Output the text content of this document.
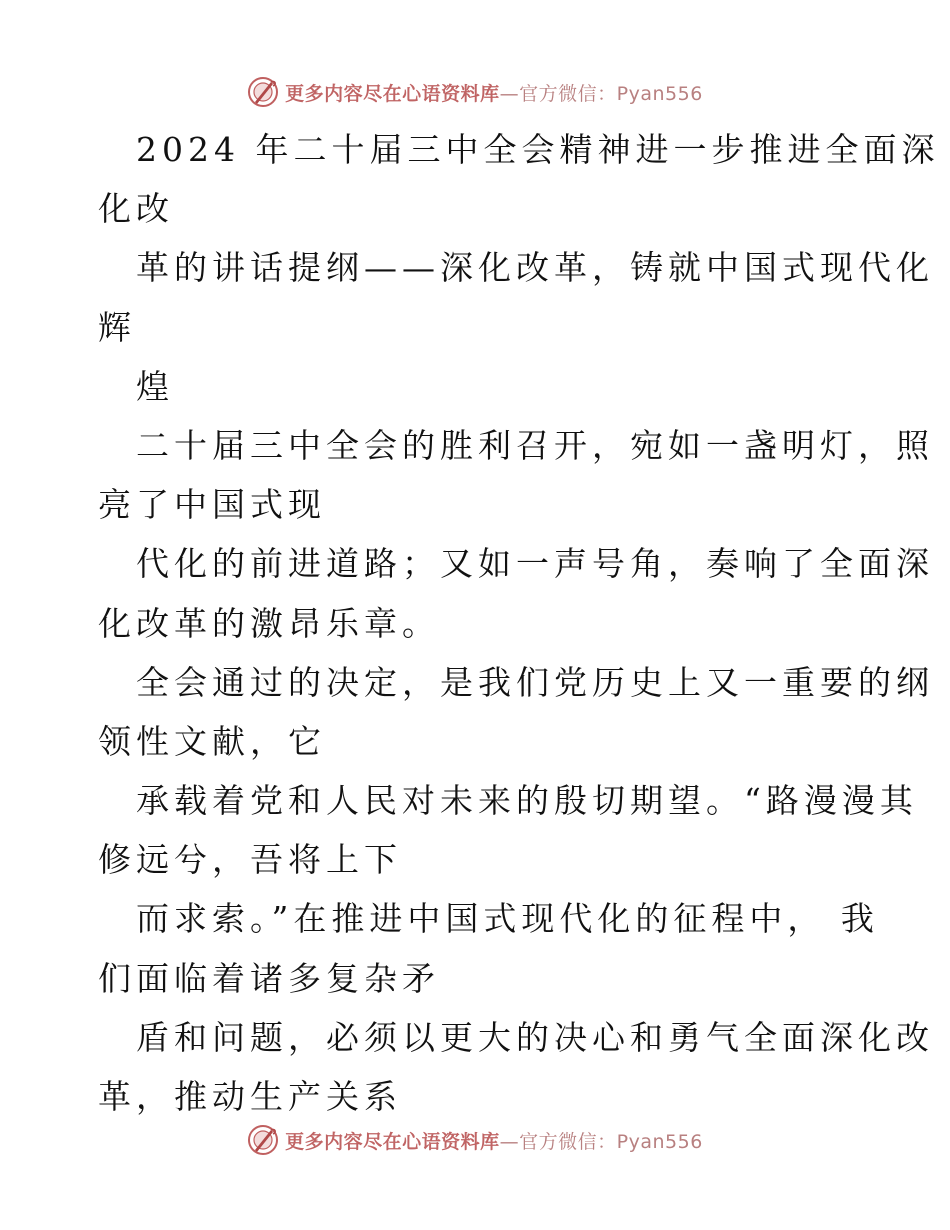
更多内容尽在心语资料库—官方微信：Pyan556
2024 年二十届三中全会精神进一步推进全面深
化改
革的讲话提纲——深化改革，铸就中国式现代化
辉
煌
二十届三中全会的胜利召开，宛如一盏明灯，照
亮了中国式现
代化的前进道路；又如一声号角，奏响了全面深
化改革的激昂乐章。
全会通过的决定，是我们党历史上又一重要的纲
领性文献，它
承载着党和人民对未来的殷切期望。“路漫漫其
修远兮，吾将上下
而求索。”在推进中国式现代化的征程中， 我
们面临着诸多复杂矛
盾和问题，必须以更大的决心和勇气全面深化改
革，推动生产关系
更多内容尽在心语资料库—官方微信：Pyan556
